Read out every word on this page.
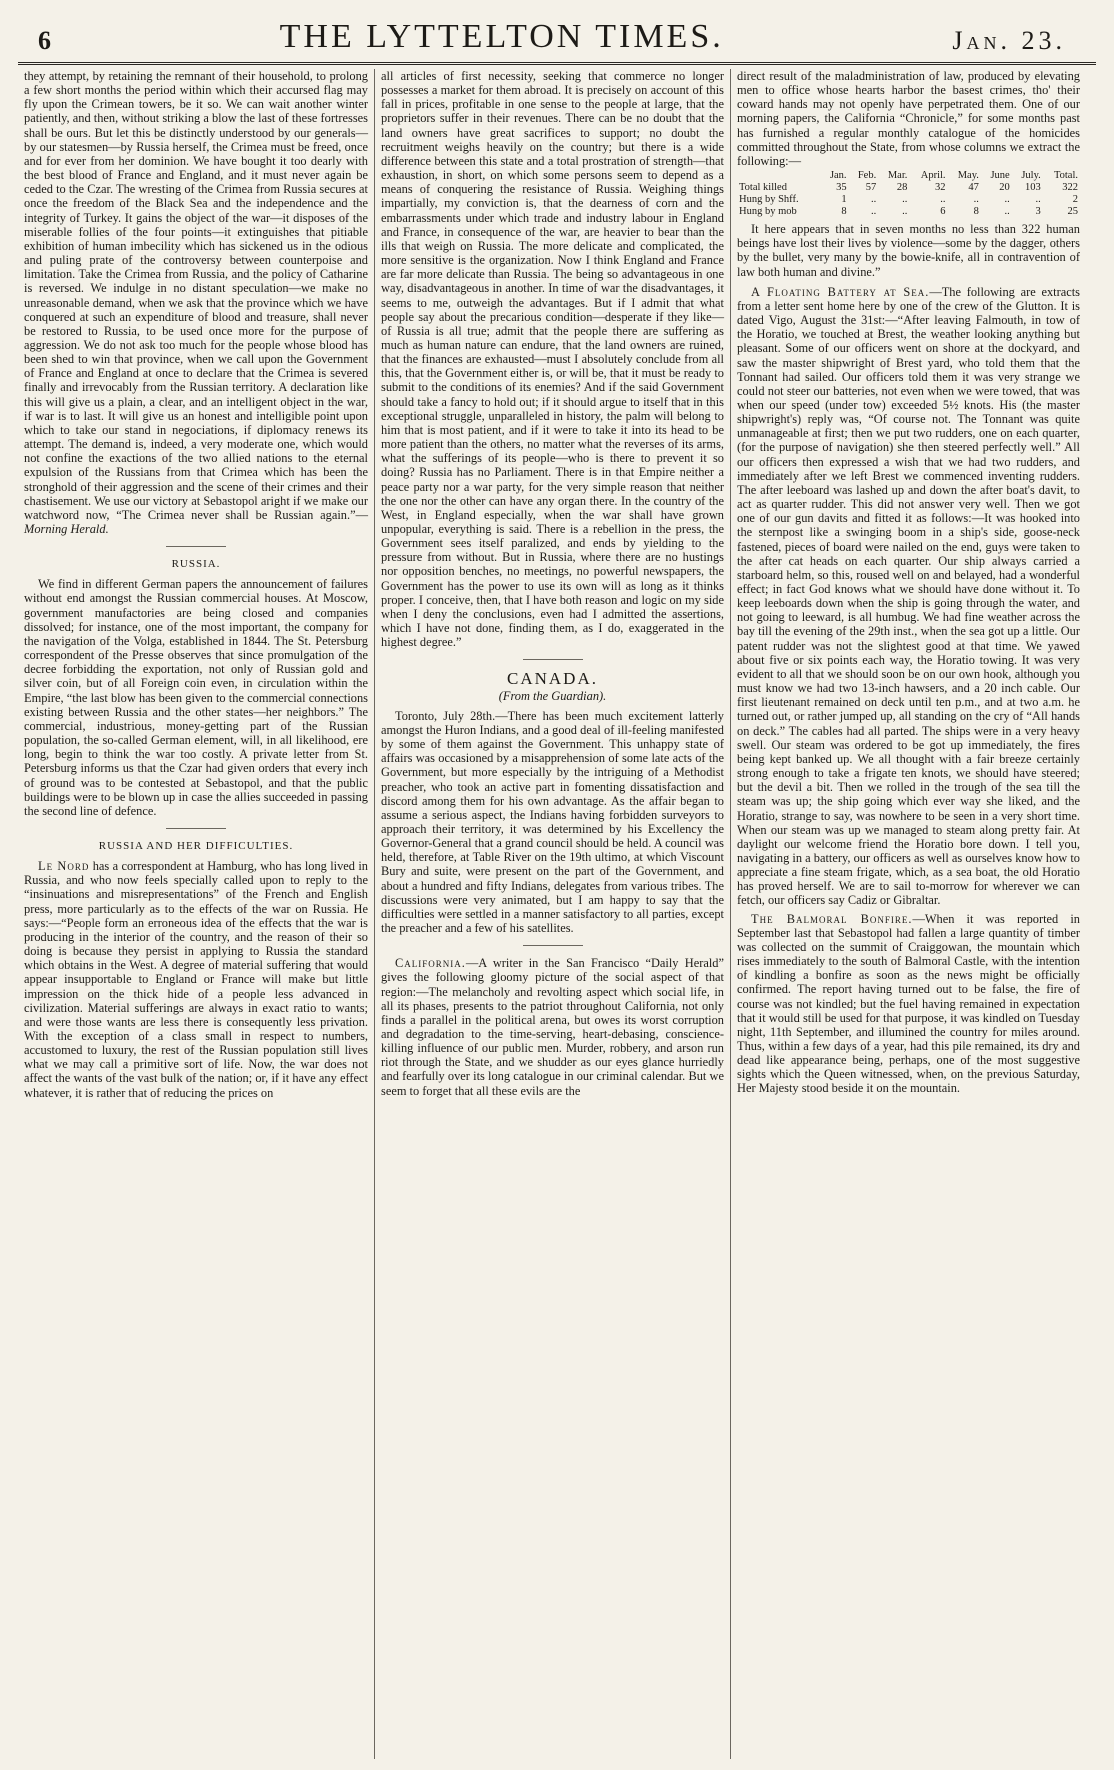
6	THE LYTTELTON TIMES.	Jan. 23.

they attempt, by retaining the remnant of their household, to prolong a few short months the period within which their accursed flag may fly upon the Crimean towers, be it so. We can wait another winter patiently, and then, without striking a blow the last of these fortresses shall be ours. But let this be distinctly understood by our generals—by our statesmen—by Russia herself, the Crimea must be freed, once and for ever from her dominion. We have bought it too dearly with the best blood of France and England, and it must never again be ceded to the Czar. The wresting of the Crimea from Russia secures at once the freedom of the Black Sea and the independence and the integrity of Turkey. It gains the object of the war—it disposes of the miserable follies of the four points—it extinguishes that pitiable exhibition of human imbecility which has sickened us in the odious and puling prate of the controversy between counterpoise and limitation. Take the Crimea from Russia, and the policy of Catharine is reversed. We indulge in no distant speculation—we make no unreasonable demand, when we ask that the province which we have conquered at such an expenditure of blood and treasure, shall never be restored to Russia, to be used once more for the purpose of aggression. We do not ask too much for the people whose blood has been shed to win that province, when we call upon the Government of France and England at once to declare that the Crimea is severed finally and irrevocably from the Russian territory. A declaration like this will give us a plain, a clear, and an intelligent object in the war, if war is to last. It will give us an honest and intelligible point upon which to take our stand in negociations, if diplomacy renews its attempt. The demand is, indeed, a very moderate one, which would not confine the exactions of the two allied nations to the eternal expulsion of the Russians from that Crimea which has been the stronghold of their aggression and the scene of their crimes and their chastisement. We use our victory at Sebastopol aright if we make our watchword now, “The Crimea never shall be Russian again.”—Morning Herald.

RUSSIA.

We find in different German papers the announcement of failures without end amongst the Russian commercial houses. At Moscow, government manufactories are being closed and companies dissolved; for instance, one of the most important, the company for the navigation of the Volga, established in 1844. The St. Petersburg correspondent of the Presse observes that since promulgation of the decree forbidding the exportation, not only of Russian gold and silver coin, but of all Foreign coin even, in circulation within the Empire, “the last blow has been given to the commercial connections existing between Russia and the other states—her neighbors.” The commercial, industrious, money-getting part of the Russian population, the so-called German element, will, in all likelihood, ere long, begin to think the war too costly. A private letter from St. Petersburg informs us that the Czar had given orders that every inch of ground was to be contested at Sebastopol, and that the public buildings were to be blown up in case the allies succeeded in passing the second line of defence.

RUSSIA AND HER DIFFICULTIES.

Le Nord has a correspondent at Hamburg, who has long lived in Russia, and who now feels specially called upon to reply to the “insinuations and misrepresentations” of the French and English press, more particularly as to the effects of the war on Russia. He says:—“People form an erroneous idea of the effects that the war is producing in the interior of the country, and the reason of their so doing is because they persist in applying to Russia the standard which obtains in the West. A degree of material suffering that would appear insupportable to England or France will make but little impression on the thick hide of a people less advanced in civilization. Material sufferings are always in exact ratio to wants; and were those wants are less there is consequently less privation. With the exception of a class small in respect to numbers, accustomed to luxury, the rest of the Russian population still lives what we may call a primitive sort of life. Now, the war does not affect the wants of the vast bulk of the nation; or, if it have any effect whatever, it is rather that of reducing the prices on

all articles of first necessity, seeking that commerce no longer possesses a market for them abroad. It is precisely on account of this fall in prices, profitable in one sense to the people at large, that the proprietors suffer in their revenues. There can be no doubt that the land owners have great sacrifices to support; no doubt the recruitment weighs heavily on the country; but there is a wide difference between this state and a total prostration of strength—that exhaustion, in short, on which some persons seem to depend as a means of conquering the resistance of Russia. Weighing things impartially, my conviction is, that the dearness of corn and the embarrassments under which trade and industry labour in England and France, in consequence of the war, are heavier to bear than the ills that weigh on Russia. The more delicate and complicated, the more sensitive is the organization. Now I think England and France are far more delicate than Russia. The being so advantageous in one way, disadvantageous in another. In time of war the disadvantages, it seems to me, outweigh the advantages. But if I admit that what people say about the precarious condition—desperate if they like—of Russia is all true; admit that the people there are suffering as much as human nature can endure, that the land owners are ruined, that the finances are exhausted—must I absolutely conclude from all this, that the Government either is, or will be, that it must be ready to submit to the conditions of its enemies? And if the said Government should take a fancy to hold out; if it should argue to itself that in this exceptional struggle, unparalleled in history, the palm will belong to him that is most patient, and if it were to take it into its head to be more patient than the others, no matter what the reverses of its arms, what the sufferings of its people—who is there to prevent it so doing? Russia has no Parliament. There is in that Empire neither a peace party nor a war party, for the very simple reason that neither the one nor the other can have any organ there. In the country of the West, in England especially, when the war shall have grown unpopular, everything is said. There is a rebellion in the press, the Government sees itself paralized, and ends by yielding to the pressure from without. But in Russia, where there are no hustings nor opposition benches, no meetings, no powerful newspapers, the Government has the power to use its own will as long as it thinks proper. I conceive, then, that I have both reason and logic on my side when I deny the conclusions, even had I admitted the assertions, which I have not done, finding them, as I do, exaggerated in the highest degree.”

CANADA.
(From the Guardian).

Toronto, July 28th.—There has been much excitement latterly amongst the Huron Indians, and a good deal of ill-feeling manifested by some of them against the Government. This unhappy state of affairs was occasioned by a misapprehension of some late acts of the Government, but more especially by the intriguing of a Methodist preacher, who took an active part in fomenting dissatisfaction and discord among them for his own advantage. As the affair began to assume a serious aspect, the Indians having forbidden surveyors to approach their territory, it was determined by his Excellency the Governor-General that a grand council should be held. A council was held, therefore, at Table River on the 19th ultimo, at which Viscount Bury and suite, were present on the part of the Government, and about a hundred and fifty Indians, delegates from various tribes. The discussions were very animated, but I am happy to say that the difficulties were settled in a manner satisfactory to all parties, except the preacher and a few of his satellites.

California.—A writer in the San Francisco “Daily Herald” gives the following gloomy picture of the social aspect of that region:—The melancholy and revolting aspect which social life, in all its phases, presents to the patriot throughout California, not only finds a parallel in the political arena, but owes its worst corruption and degradation to the time-serving, heart-debasing, conscience-killing influence of our public men. Murder, robbery, and arson run riot through the State, and we shudder as our eyes glance hurriedly and fearfully over its long catalogue in our criminal calendar. But we seem to forget that all these evils are the

direct result of the maladministration of law, produced by elevating men to office whose hearts harbor the basest crimes, tho' their coward hands may not openly have perpetrated them. One of our morning papers, the California “Chronicle,” for some months past has furnished a regular monthly catalogue of the homicides committed throughout the State, from whose columns we extract the following:—

	Jan.	Feb.	Mar.	April.	May.	June	July.	Total.
Total killed	35	57	28	32	47	20	103	322
Hung by Shff.	1	..	..	..	..	..	..	2
Hung by mob	8	..	..	6	8	..	3	25

It here appears that in seven months no less than 322 human beings have lost their lives by violence—some by the dagger, others by the bullet, very many by the bowie-knife, all in contravention of law both human and divine.”

A Floating Battery at Sea.—The following are extracts from a letter sent home here by one of the crew of the Glutton. It is dated Vigo, August the 31st:—“After leaving Falmouth, in tow of the Horatio, we touched at Brest, the weather looking anything but pleasant. Some of our officers went on shore at the dockyard, and saw the master shipwright of Brest yard, who told them that the Tonnant had sailed. Our officers told them it was very strange we could not steer our batteries, not even when we were towed, that was when our speed (under tow) exceeded 5½ knots. His (the master shipwright's) reply was, “Of course not. The Tonnant was quite unmanageable at first; then we put two rudders, one on each quarter, (for the purpose of navigation) she then steered perfectly well.” All our officers then expressed a wish that we had two rudders, and immediately after we left Brest we commenced inventing rudders. The after leeboard was lashed up and down the after boat's davit, to act as quarter rudder. This did not answer very well. Then we got one of our gun davits and fitted it as follows:—It was hooked into the sternpost like a swinging boom in a ship's side, goose-neck fastened, pieces of board were nailed on the end, guys were taken to the after cat heads on each quarter. Our ship always carried a starboard helm, so this, roused well on and belayed, had a wonderful effect; in fact God knows what we should have done without it. To keep leeboards down when the ship is going through the water, and not going to leeward, is all humbug. We had fine weather across the bay till the evening of the 29th inst., when the sea got up a little. Our patent rudder was not the slightest good at that time. We yawed about five or six points each way, the Horatio towing. It was very evident to all that we should soon be on our own hook, although you must know we had two 13-inch hawsers, and a 20 inch cable. Our first lieutenant remained on deck until ten p.m., and at two a.m. he turned out, or rather jumped up, all standing on the cry of “All hands on deck.” The cables had all parted. The ships were in a very heavy swell. Our steam was ordered to be got up immediately, the fires being kept banked up. We all thought with a fair breeze certainly strong enough to take a frigate ten knots, we should have steered; but the devil a bit. Then we rolled in the trough of the sea till the steam was up; the ship going which ever way she liked, and the Horatio, strange to say, was nowhere to be seen in a very short time. When our steam was up we managed to steam along pretty fair. At daylight our welcome friend the Horatio bore down. I tell you, navigating in a battery, our officers as well as ourselves know how to appreciate a fine steam frigate, which, as a sea boat, the old Horatio has proved herself. We are to sail to-morrow for wherever we can fetch, our officers say Cadiz or Gibraltar.

The Balmoral Bonfire.—When it was reported in September last that Sebastopol had fallen a large quantity of timber was collected on the summit of Craiggowan, the mountain which rises immediately to the south of Balmoral Castle, with the intention of kindling a bonfire as soon as the news might be officially confirmed. The report having turned out to be false, the fire of course was not kindled; but the fuel having remained in expectation that it would still be used for that purpose, it was kindled on Tuesday night, 11th September, and illumined the country for miles around. Thus, within a few days of a year, had this pile remained, its dry and dead like appearance being, perhaps, one of the most suggestive sights which the Queen witnessed, when, on the previous Saturday, Her Majesty stood beside it on the mountain.
